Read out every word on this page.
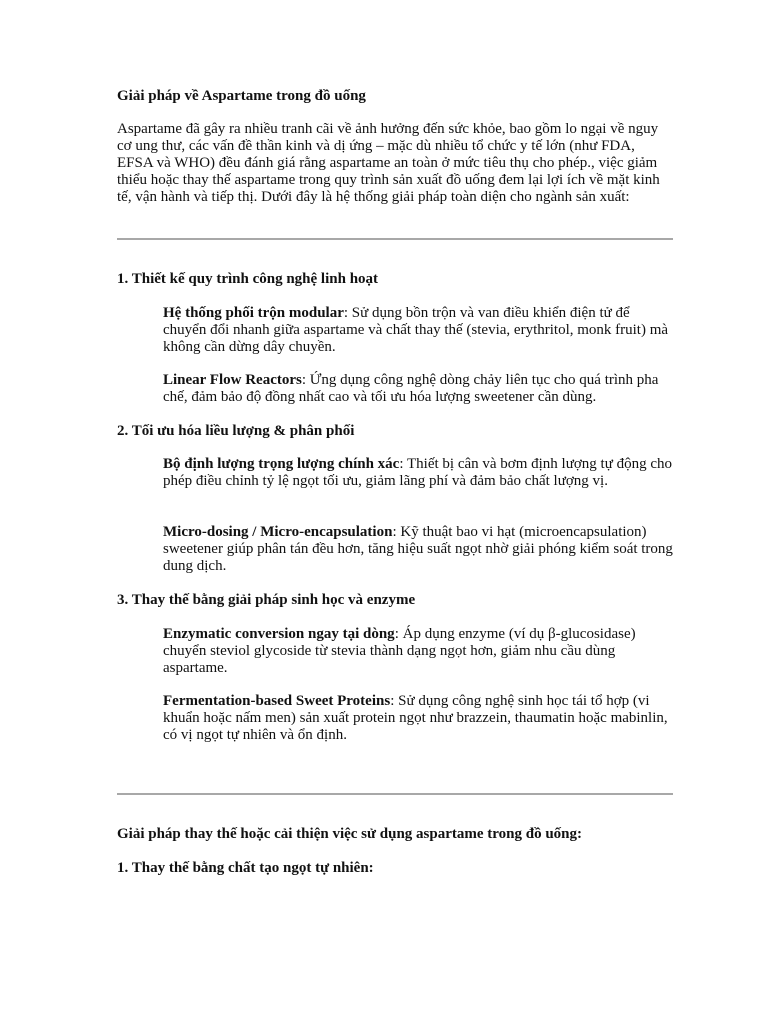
Giải pháp về Aspartame trong đồ uống

Aspartame đã gây ra nhiều tranh cãi về ảnh hưởng đến sức khỏe, bao gồm lo ngại về nguy cơ ung thư, các vấn đề thần kinh và dị ứng – mặc dù nhiều tổ chức y tế lớn (như FDA, EFSA và WHO) đều đánh giá rằng aspartame an toàn ở mức tiêu thụ cho phép., việc giảm thiểu hoặc thay thế aspartame trong quy trình sản xuất đồ uống đem lại lợi ích về mặt kinh tế, vận hành và tiếp thị. Dưới đây là hệ thống giải pháp toàn diện cho ngành sản xuất:

1. Thiết kế quy trình công nghệ linh hoạt

Hệ thống phối trộn modular: Sử dụng bồn trộn và van điều khiển điện tử để chuyển đổi nhanh giữa aspartame và chất thay thế (stevia, erythritol, monk fruit) mà không cần dừng dây chuyền.

Linear Flow Reactors: Ứng dụng công nghệ dòng chảy liên tục cho quá trình pha chế, đảm bảo độ đồng nhất cao và tối ưu hóa lượng sweetener cần dùng.

2. Tối ưu hóa liều lượng & phân phối

Bộ định lượng trọng lượng chính xác: Thiết bị cân và bơm định lượng tự động cho phép điều chỉnh tỷ lệ ngọt tối ưu, giảm lãng phí và đảm bảo chất lượng vị.

Micro-dosing / Micro-encapsulation: Kỹ thuật bao vi hạt (microencapsulation) sweetener giúp phân tán đều hơn, tăng hiệu suất ngọt nhờ giải phóng kiểm soát trong dung dịch.

3. Thay thế bằng giải pháp sinh học và enzyme

Enzymatic conversion ngay tại dòng: Áp dụng enzyme (ví dụ β-glucosidase) chuyển steviol glycoside từ stevia thành dạng ngọt hơn, giảm nhu cầu dùng aspartame.

Fermentation-based Sweet Proteins: Sử dụng công nghệ sinh học tái tổ hợp (vi khuẩn hoặc nấm men) sản xuất protein ngọt như brazzein, thaumatin hoặc mabinlin, có vị ngọt tự nhiên và ổn định.

Giải pháp thay thế hoặc cải thiện việc sử dụng aspartame trong đồ uống:

1. Thay thế bằng chất tạo ngọt tự nhiên:
